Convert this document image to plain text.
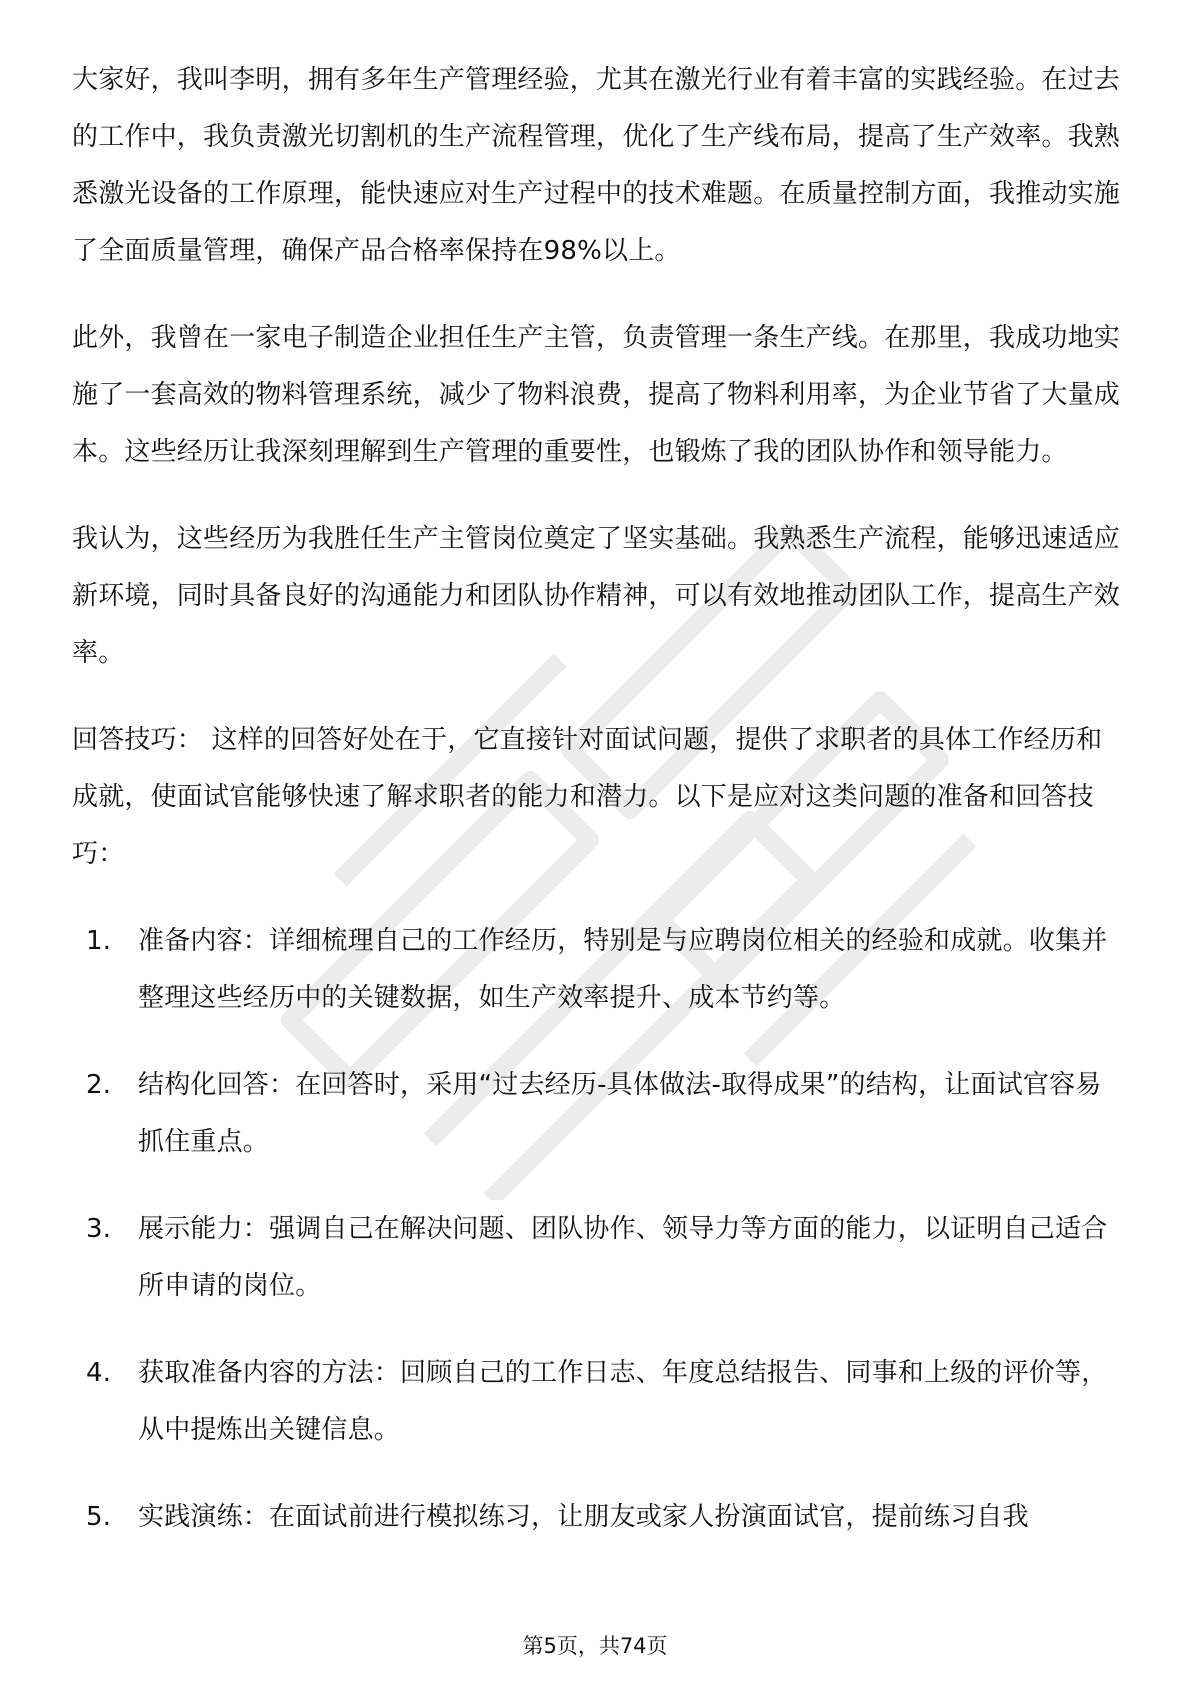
大家好，我叫李明，拥有多年生产管理经验，尤其在激光行业有着丰富的实践经验。在过去的工作中，我负责激光切割机的生产流程管理，优化了生产线布局，提高了生产效率。我熟悉激光设备的工作原理，能快速应对生产过程中的技术难题。在质量控制方面，我推动实施了全面质量管理，确保产品合格率保持在98%以上。

此外，我曾在一家电子制造企业担任生产主管，负责管理一条生产线。在那里，我成功地实施了一套高效的物料管理系统，减少了物料浪费，提高了物料利用率，为企业节省了大量成本。这些经历让我深刻理解到生产管理的重要性，也锻炼了我的团队协作和领导能力。

我认为，这些经历为我胜任生产主管岗位奠定了坚实基础。我熟悉生产流程，能够迅速适应新环境，同时具备良好的沟通能力和团队协作精神，可以有效地推动团队工作，提高生产效率。

回答技巧： 这样的回答好处在于，它直接针对面试问题，提供了求职者的具体工作经历和成就，使面试官能够快速了解求职者的能力和潜力。以下是应对这类问题的准备和回答技巧：

1.	准备内容：详细梳理自己的工作经历，特别是与应聘岗位相关的经验和成就。收集并整理这些经历中的关键数据，如生产效率提升、成本节约等。
2.	结构化回答：在回答时，采用“过去经历-具体做法-取得成果”的结构，让面试官容易抓住重点。
3.	展示能力：强调自己在解决问题、团队协作、领导力等方面的能力，以证明自己适合所申请的岗位。
4.	获取准备内容的方法：回顾自己的工作日志、年度总结报告、同事和上级的评价等，从中提炼出关键信息。
5.	实践演练：在面试前进行模拟练习，让朋友或家人扮演面试官，提前练习自我
第5页，共74页
